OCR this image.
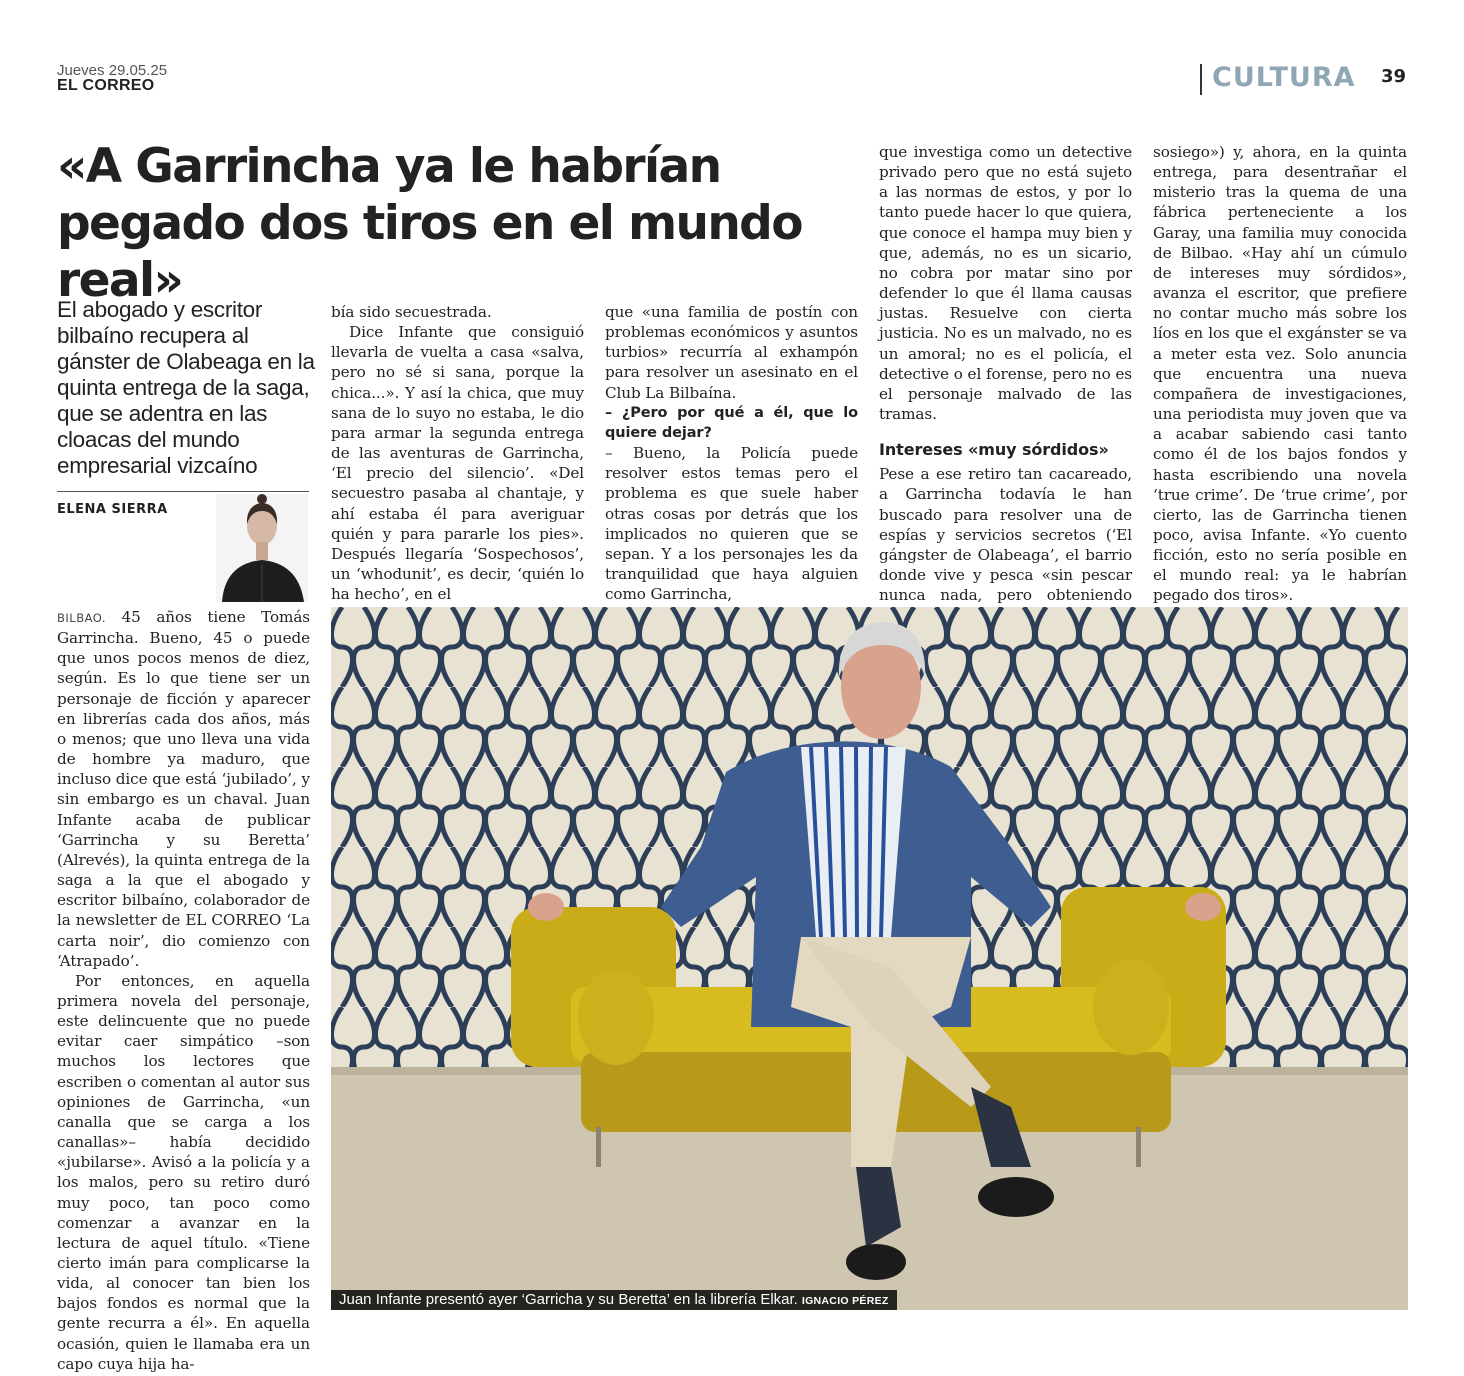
Jueves 29.05.25
EL CORREO	CULTURA 39
«A Garrincha ya le habrían pegado dos tiros en el mundo real»

El abogado y escritor bilbaíno recupera al gánster de Olabeaga en la quinta entrega de la saga, que se adentra en las cloacas del mundo empresarial vizcaíno

ELENA SIERRA

BILBAO. 45 años tiene Tomás Garrincha. Bueno, 45 o puede que unos pocos menos de diez, según. Es lo que tiene ser un personaje de ficción y aparecer en librerías cada dos años, más o menos; que uno lleva una vida de hombre ya maduro, que incluso dice que está ‘jubilado’, y sin embargo es un chaval. Juan Infante acaba de publicar ‘Garrincha y su Beretta’ (Alrevés), la quinta entrega de la saga a la que el abogado y escritor bilbaíno, colaborador de la newsletter de EL CORREO ‘La carta noir’, dio comienzo con ‘Atrapado’.

Por entonces, en aquella primera novela del personaje, este delincuente que no puede evitar caer simpático –son muchos los lectores que escriben o comentan al autor sus opiniones de Garrincha, «un canalla que se carga a los canallas»– había decidido «jubilarse». Avisó a la policía y a los malos, pero su retiro duró muy poco, tan poco como comenzar a avanzar en la lectura de aquel título. «Tiene cierto imán para complicarse la vida, al conocer tan bien los bajos fondos es normal que la gente recurra a él». En aquella ocasión, quien le llamaba era un capo cuya hija ha-

bía sido secuestrada.

Dice Infante que consiguió llevarla de vuelta a casa «salva, pero no sé si sana, porque la chica...». Y así la chica, que muy sana de lo suyo no estaba, le dio para armar la segunda entrega de las aventuras de Garrincha, ‘El precio del silencio’. «Del secuestro pasaba al chantaje, y ahí estaba él para averiguar quién y para pararle los pies». Después llegaría ‘Sospechosos’, un ‘whodunit’, es decir, ‘quién lo ha hecho’, en el

que «una familia de postín con problemas económicos y asuntos turbios» recurría al exhampón para resolver un asesinato en el Club La Bilbaína.

– ¿Pero por qué a él, que lo quiere dejar?

– Bueno, la Policía puede resolver estos temas pero el problema es que suele haber otras cosas por detrás que los implicados no quieren que se sepan. Y a los personajes les da tranquilidad que haya alguien como Garrincha,

que investiga como un detective privado pero que no está sujeto a las normas de estos, y por lo tanto puede hacer lo que quiera, que conoce el hampa muy bien y que, además, no es un sicario, no cobra por matar sino por defender lo que él llama causas justas. Resuelve con cierta justicia. No es un malvado, no es un amoral; no es el policía, el detective o el forense, pero no es el personaje malvado de las tramas.

Intereses «muy sórdidos»

Pese a ese retiro tan cacareado, a Garrincha todavía le han buscado para resolver una de espías y servicios secretos (‘El gángster de Olabeaga’, el barrio donde vive y pesca «sin pescar nunca nada, pero obteniendo

sosiego») y, ahora, en la quinta entrega, para desentrañar el misterio tras la quema de una fábrica perteneciente a los Garay, una familia muy conocida de Bilbao. «Hay ahí un cúmulo de intereses muy sórdidos», avanza el escritor, que prefiere no contar mucho más sobre los líos en los que el exgánster se va a meter esta vez. Solo anuncia que encuentra una nueva compañera de investigaciones, una periodista muy joven que va a acabar sabiendo casi tanto como él de los bajos fondos y hasta escribiendo una novela ‘true crime’. De ‘true crime’, por cierto, las de Garrincha tienen poco, avisa Infante. «Yo cuento ficción, esto no sería posible en el mundo real: ya le habrían pegado dos tiros».

Juan Infante presentó ayer ‘Garricha y su Beretta’ en la librería Elkar. IGNACIO PÉREZ
